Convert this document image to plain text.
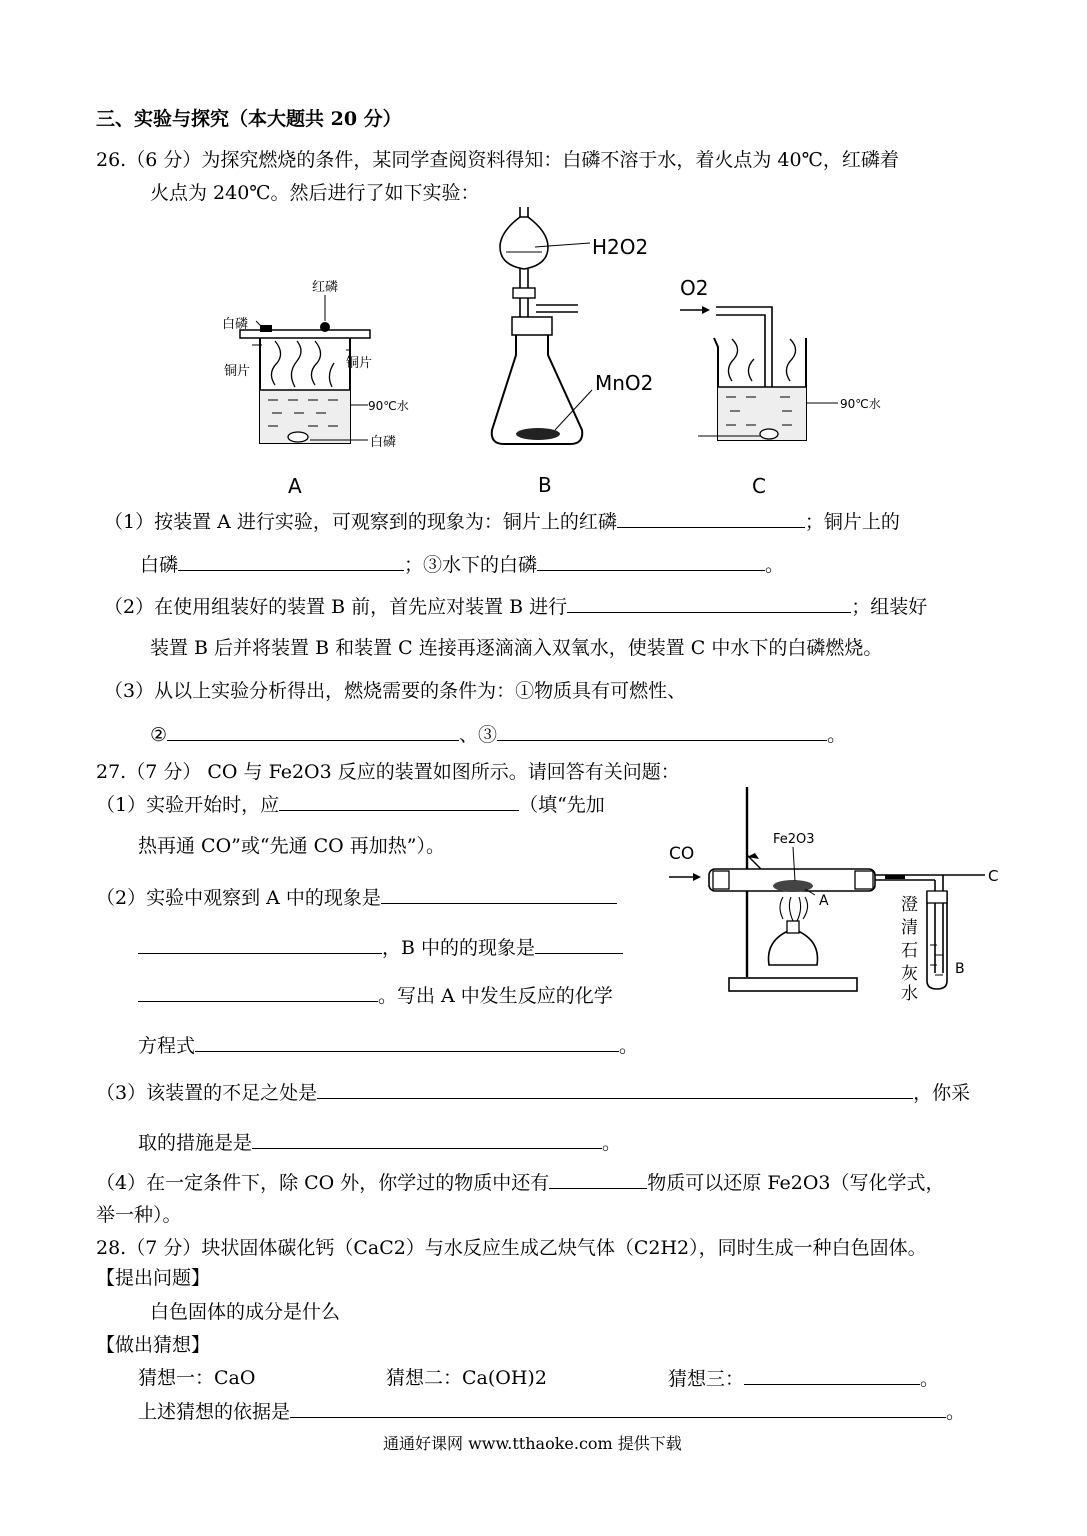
三、实验与探究（本大题共 20 分）
26.（6 分）为探究燃烧的条件，某同学查阅资料得知：白磷不溶于水，着火点为 40℃，红磷着
火点为 240℃。然后进行了如下实验：
红磷
白磷
铜片
铜片
90℃水
白磷
A
H2O2
MnO2
B
O2
90℃水
C
（1）按装置 A 进行实验，可观察到的现象为：铜片上的红磷	；铜片上的
白磷	；③水下的白磷	。
（2）在使用组装好的装置 B 前，首先应对装置 B 进行	；组装好
装置 B 后并将装置 B 和装置 C 连接再逐滴滴入双氧水，使装置 C 中水下的白磷燃烧。
（3）从以上实验分析得出，燃烧需要的条件为：①物质具有可燃性、
②	、③	。
27.（7 分） CO 与 Fe2O3 反应的装置如图所示。请回答有关问题：
（1）实验开始时，应	（填“先加
热再通 CO”或“先通 CO 再加热”）。
（2）实验中观察到 A 中的现象是
，B 中的的现象是
。写出 A 中发生反应的化学
方程式	。
（3）该装置的不足之处是	，你采
取的措施是是	。
（4）在一定条件下，除 CO 外，你学过的物质中还有	物质可以还原 Fe2O3（写化学式，
举一种）。
CO
Fe2O3
A
C
B
澄清石灰水
28.（7 分）块状固体碳化钙（CaC2）与水反应生成乙炔气体（C2H2），同时生成一种白色固体。
【提出问题】
白色固体的成分是什么
【做出猜想】
猜想一：CaO	猜想二：Ca(OH)2	猜想三：	。
上述猜想的依据是	。
通通好课网 www.tthaoke.com 提供下载
